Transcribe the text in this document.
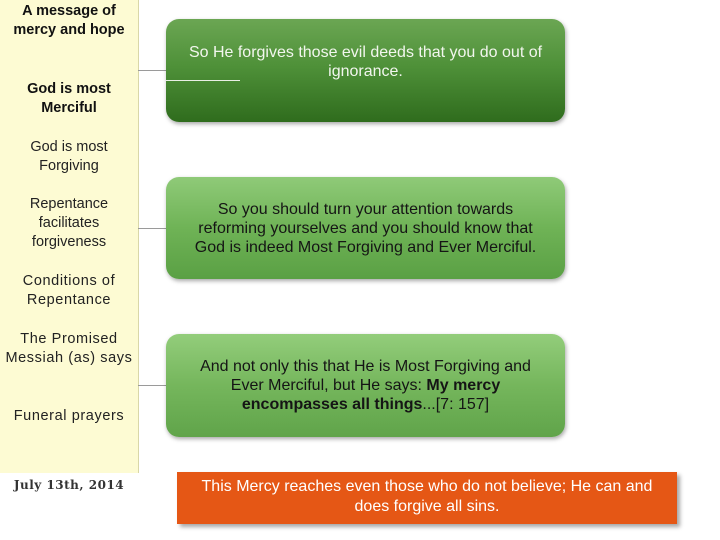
A message of mercy and hope
God is most Merciful
God is most Forgiving
Repentance facilitates forgiveness
Conditions of Repentance
The Promised Messiah (as) says
Funeral prayers
July 13th, 2014
So He forgives those evil deeds that you do out of ignorance.
So you should turn your attention towards reforming yourselves and you should know that God is indeed Most Forgiving and Ever Merciful.
And not only this that He is Most Forgiving and Ever Merciful, but He says: My mercy encompasses all things...[7: 157]
This Mercy reaches even those who do not believe; He can and does forgive all sins.
